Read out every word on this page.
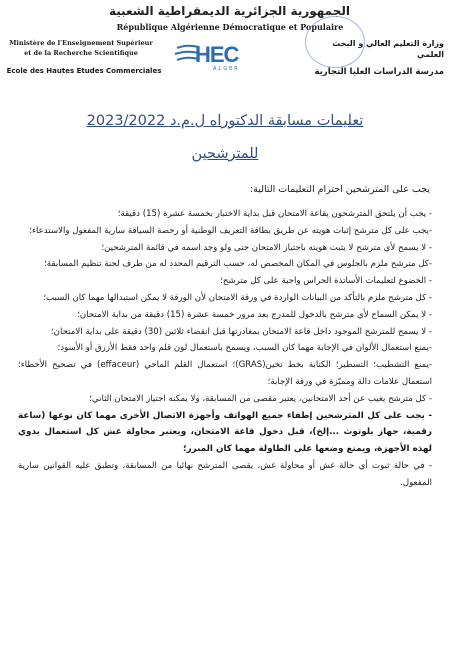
الجمهورية الجزائرية الديمقراطية الشعبية
République Algérienne Démocratique et Populaire
Ministère de l'Enseignement Supérieur
et de la Recherche Scientifique
Ecole des Hautes Etudes Commerciales
وزارة التعليم العالي و البحث العلمي
مدرسة الدراسات العليا التجارية
HEC
ALGER
تعليمات مسابقة الدكتوراه ل.م.د 2023/2022
للمترشحين
يجب على المترشحين احترام التعليمات التالية:

- يجب أن يلتحق المترشحون بقاعة الامتحان قبل بداية الاختبار بخمسة عشرة (15) دقيقة؛

-يجب على كل مترشح إثبات هويته عن طريق بطاقة التعريف الوطنية أو رخصة السياقة سارية المفعول والاستدعاء؛

- لا يسمح لأي مترشح لا يثبت هويته باجتياز الامتحان حتى ولو وجد اسمه في قائمة المترشحين؛

-كل مترشح ملزم بالجلوس في المكان المخصص له، حسب الترقيم المحدد له من طرف لجنة تنظيم المسابقة؛

- الخضوع لتعليمات الأساتذة الحراس واجبة على كل مترشح؛

- كل مترشح ملزم بالتأكد من البيانات الواردة في ورقة الامتحان لأن الورقة لا يمكن استبدالها مهما كان السبب؛

- لا يمكن السماح لأي مترشح بالدخول للمدرج بعد مرور خمسة عشرة (15) دقيقة من بداية الامتحان؛

- لا يسمح للمترشح الموجود داخل قاعة الامتحان بمغادرتها قبل انقضاء ثلاثين (30) دقيقة على بداية الامتحان؛

-يمنع استعمال الألوان في الإجابة مهما كان السبب، ويسمح باستعمال لون قلم واحد فقط الأزرق أو الأسود؛

-يمنع التشطيب؛ التسطير؛ الكتابة بخط تخين(GRAS)؛ استعمال القلم الماحي (effaceur) في تصحيح الأخطاء؛ استعمال علامات دالة ومميّزة في ورقة الإجابة؛

- كل مترشح يغيب عن أحد الامتحانين، يعتبر مقصى من المسابقة، ولا يمكنه اجتياز الامتحان الثاني؛

- يجب على كل المترشحين إطفاء جميع الهواتف وأجهزة الاتصال الأخرى مهما كان نوعها (ساعة رقمية، جهاز بلوتوث ...إلخ)، قبل دخول قاعة الامتحان، ويعتبر محاولة غش كل استعمال يدوي لهذه الأجهزة، ويمنع وضعها على الطاولة مهما كان المبرر؛

- في حالة ثبوت أي حالة غش أو محاولة غش، يقصى المترشح نهائيا من المسابقة، وتطبق عليه القوانين سارية المفعول.
